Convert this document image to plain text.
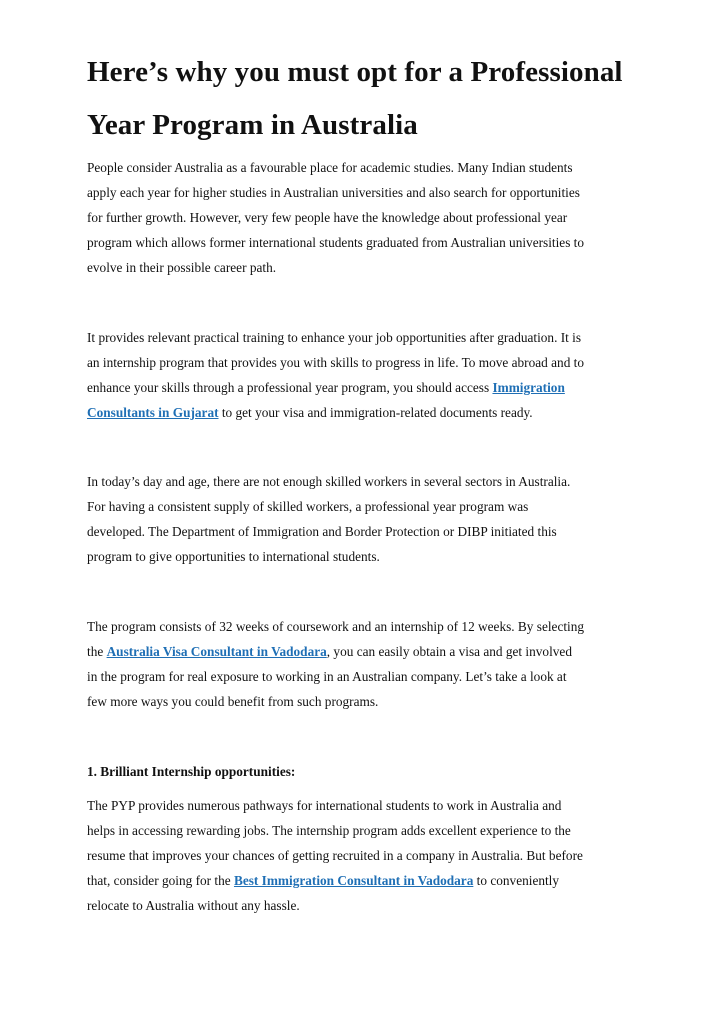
Here’s why you must opt for a Professional
Year Program in Australia

People consider Australia as a favourable place for academic studies. Many Indian students
apply each year for higher studies in Australian universities and also search for opportunities
for further growth. However, very few people have the knowledge about professional year
program which allows former international students graduated from Australian universities to
evolve in their possible career path.

It provides relevant practical training to enhance your job opportunities after graduation. It is
an internship program that provides you with skills to progress in life. To move abroad and to
enhance your skills through a professional year program, you should access Immigration
Consultants in Gujarat to get your visa and immigration-related documents ready.

In today’s day and age, there are not enough skilled workers in several sectors in Australia.
For having a consistent supply of skilled workers, a professional year program was
developed. The Department of Immigration and Border Protection or DIBP initiated this
program to give opportunities to international students.

The program consists of 32 weeks of coursework and an internship of 12 weeks. By selecting
the Australia Visa Consultant in Vadodara, you can easily obtain a visa and get involved
in the program for real exposure to working in an Australian company. Let’s take a look at
few more ways you could benefit from such programs.

1. Brilliant Internship opportunities:

The PYP provides numerous pathways for international students to work in Australia and
helps in accessing rewarding jobs. The internship program adds excellent experience to the
resume that improves your chances of getting recruited in a company in Australia. But before
that, consider going for the Best Immigration Consultant in Vadodara to conveniently
relocate to Australia without any hassle.
